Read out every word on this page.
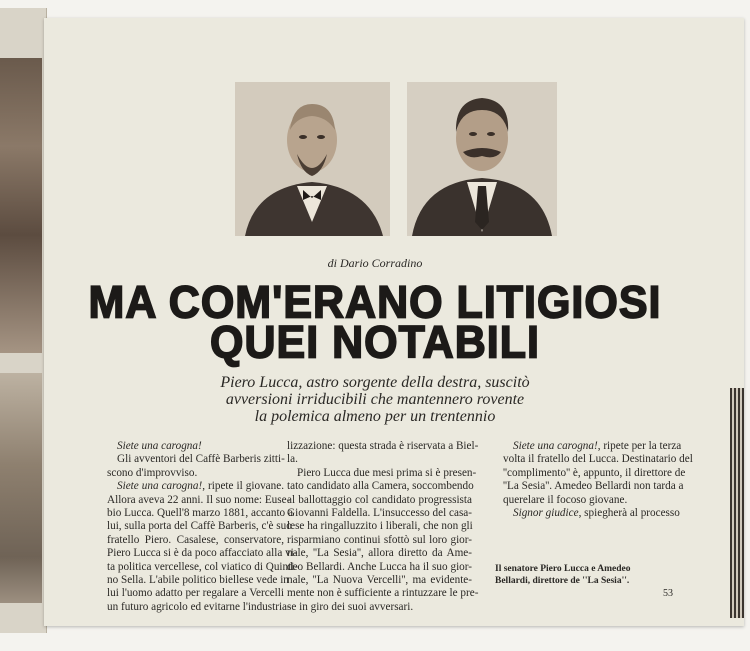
di Dario Corradino
MA COM'ERANO LITIGIOSI
QUEI NOTABILI
Piero Lucca, astro sorgente della destra, suscitò
avversioni irriducibili che mantennero rovente
la polemica almeno per un trentennio
Siete una carogna!
Gli avventori del Caffè Barberis zitti-
scono d'improvviso.
Siete una carogna!, ripete il giovane.
Allora aveva 22 anni. Il suo nome: Euse-
bio Lucca. Quell'8 marzo 1881, accanto a
lui, sulla porta del Caffè Barberis, c'è suo
fratello Piero. Casalese, conservatore,
Piero Lucca si è da poco affacciato alla vi-
ta politica vercellese, col viatico di Quinti-
no Sella. L'abile politico biellese vede in
lui l'uomo adatto per regalare a Vercelli
un futuro agricolo ed evitarne l'industria-
lizzazione: questa strada è riservata a Biel-
la.
Piero Lucca due mesi prima si è presen-
tato candidato alla Camera, soccombendo
al ballottaggio col candidato progressista
Giovanni Faldella. L'insuccesso del casa-
lese ha ringalluzzito i liberali, che non gli
risparmiano continui sfottò sul loro gior-
nale, ''La Sesia'', allora diretto da Ame-
deo Bellardi. Anche Lucca ha il suo gior-
nale, ''La Nuova Vercelli'', ma evidente-
mente non è sufficiente a rintuzzare le pre-
se in giro dei suoi avversari.
Siete una carogna!, ripete per la terza
volta il fratello del Lucca. Destinatario del
''complimento'' è, appunto, il direttore de
''La Sesia''. Amedeo Bellardi non tarda a
querelare il focoso giovane.
Signor giudice, spiegherà al processo
Il senatore Piero Lucca e Amedeo
Bellardi, direttore de ''La Sesia''.
53
